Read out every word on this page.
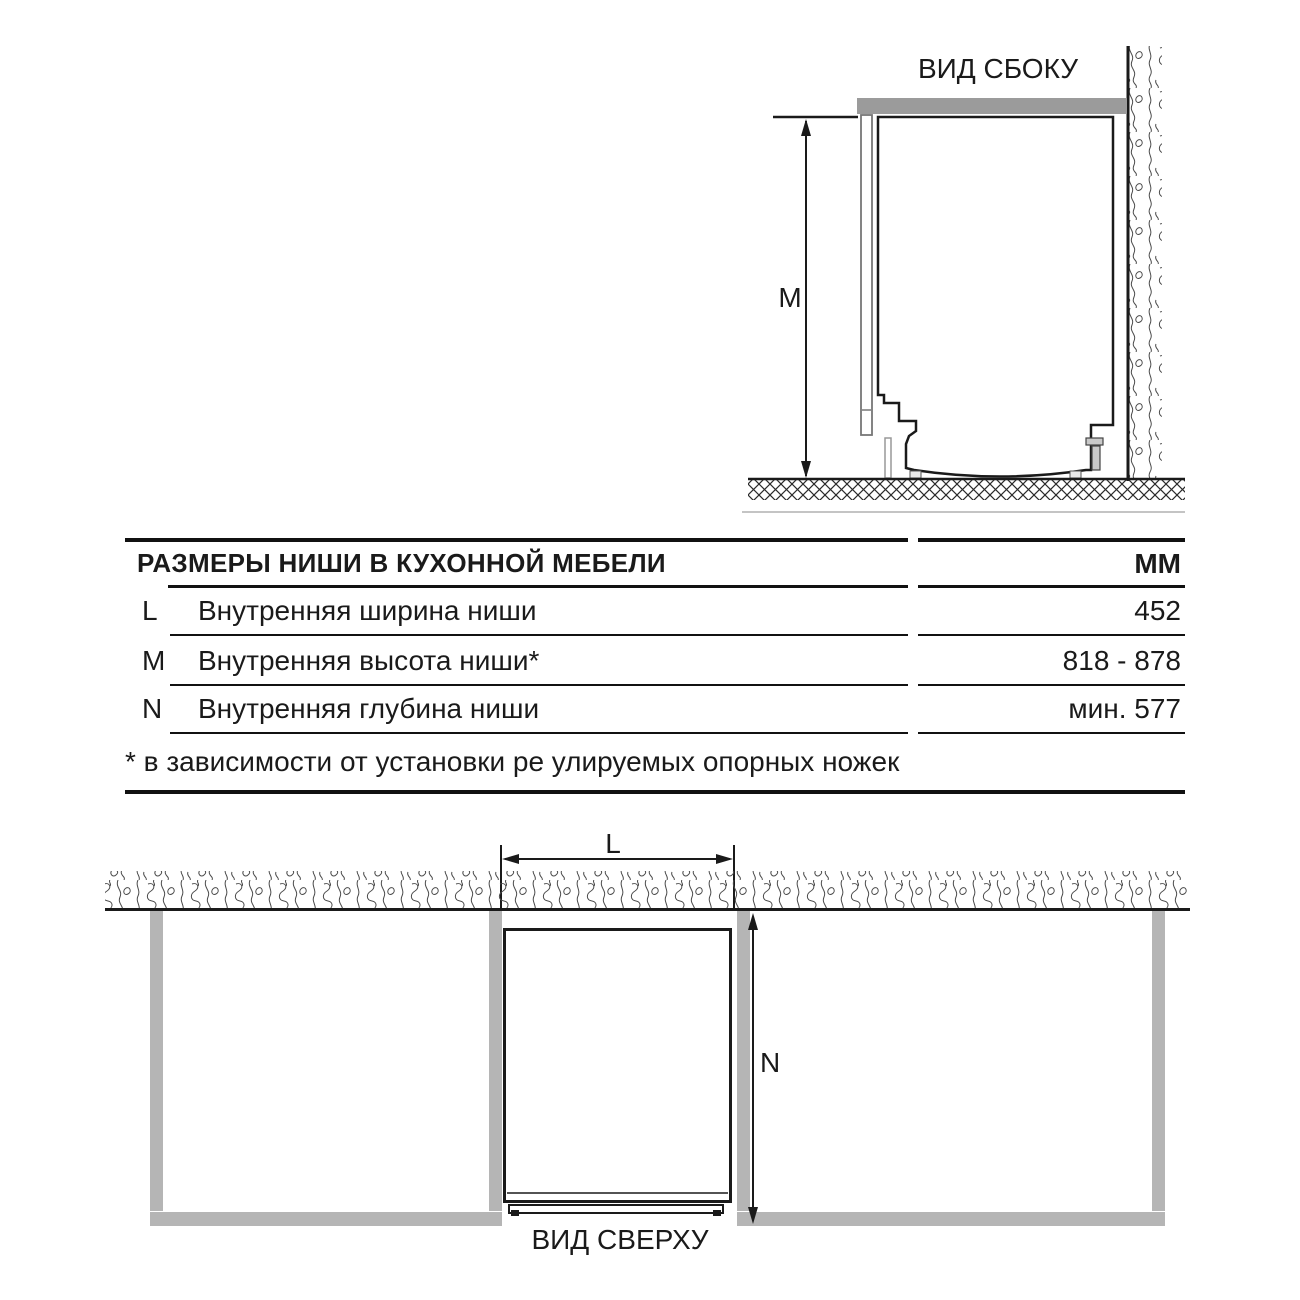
ВИД СБОКУ
M
L
N
ВИД СВЕРХУ
РАЗМЕРЫ НИШИ В КУХОННОЙ МЕБЕЛИ	ММ
L	Внутренняя ширина ниши	452
M	Внутренняя высота ниши*	818 - 878
N	Внутренняя глубина ниши	мин. 577
* в зависимости от установки ре улируемых опорных ножек
